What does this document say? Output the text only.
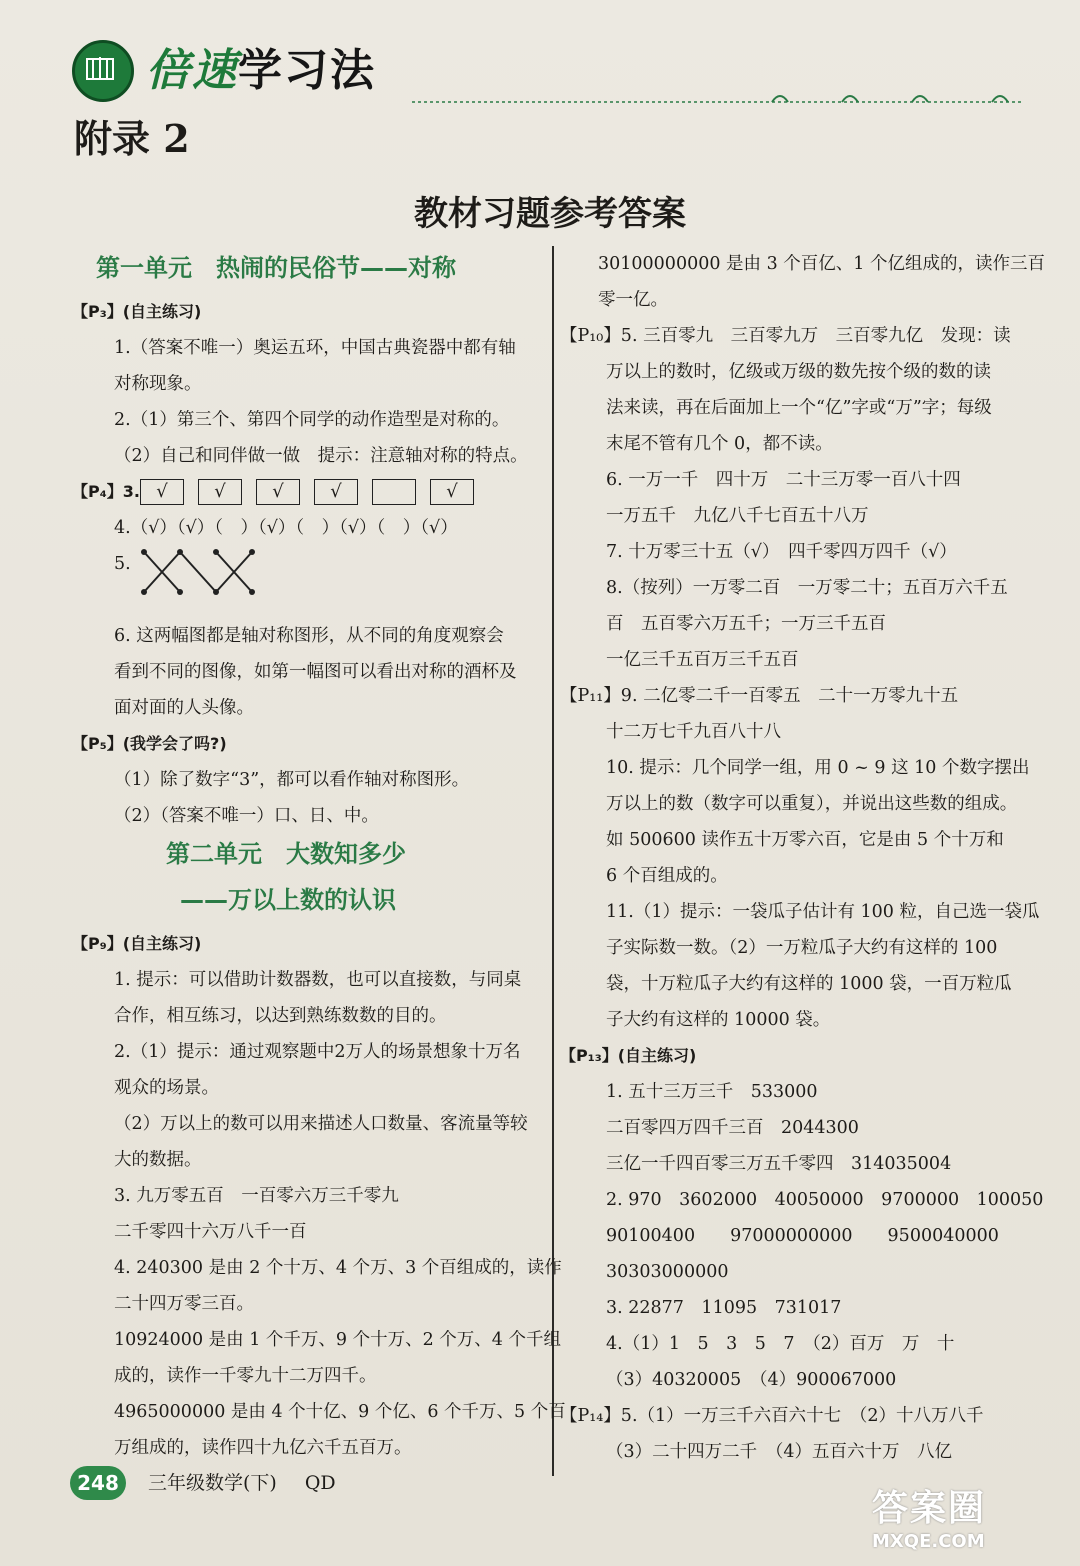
倍速学习法
附录 2
教材习题参考答案
第一单元　热闹的民俗节——对称
【P₃】(自主练习)
1.（答案不唯一）奥运五环，中国古典瓷器中都有轴
对称现象。
2.（1）第三个、第四个同学的动作造型是对称的。
（2）自己和同伴做一做　提示：注意轴对称的特点。
【P₄】3. √	√	√	√	√
4.（√）（√）（　）（√）（　）（√）（　）（√）
5.
6. 这两幅图都是轴对称图形，从不同的角度观察会
看到不同的图像，如第一幅图可以看出对称的酒杯及
面对面的人头像。
【P₅】(我学会了吗?)
（1）除了数字“3”，都可以看作轴对称图形。
（2）（答案不唯一）口、日、中。
第二单元　大数知多少
——万以上数的认识
【P₉】(自主练习)
1. 提示：可以借助计数器数，也可以直接数，与同桌
合作，相互练习，以达到熟练数数的目的。
2.（1）提示：通过观察题中2万人的场景想象十万名
观众的场景。
（2）万以上的数可以用来描述人口数量、客流量等较
大的数据。
3. 九万零五百　一百零六万三千零九
二千零四十六万八千一百
4. 240300 是由 2 个十万、4 个万、3 个百组成的，读作
二十四万零三百。
10924000 是由 1 个千万、9 个十万、2 个万、4 个千组
成的，读作一千零九十二万四千。
4965000000 是由 4 个十亿、9 个亿、6 个千万、5 个百
万组成的，读作四十九亿六千五百万。
30100000000 是由 3 个百亿、1 个亿组成的，读作三百
零一亿。
【P₁₀】5. 三百零九　三百零九万　三百零九亿　发现：读
万以上的数时，亿级或万级的数先按个级的数的读
法来读，再在后面加上一个“亿”字或“万”字；每级
末尾不管有几个 0，都不读。
6. 一万一千　四十万　二十三万零一百八十四
一万五千　九亿八千七百五十八万
7. 十万零三十五（√）　四千零四万四千（√）
8.（按列）一万零二百　一万零二十；五百万六千五
百　五百零六万五千；一万三千五百
一亿三千五百万三千五百
【P₁₁】9. 二亿零二千一百零五　二十一万零九十五
十二万七千九百八十八
10. 提示：几个同学一组，用 0 ~ 9 这 10 个数字摆出
万以上的数（数字可以重复），并说出这些数的组成。
如 500600 读作五十万零六百，它是由 5 个十万和
6 个百组成的。
11.（1）提示：一袋瓜子估计有 100 粒，自己选一袋瓜
子实际数一数。（2）一万粒瓜子大约有这样的 100
袋，十万粒瓜子大约有这样的 1000 袋，一百万粒瓜
子大约有这样的 10000 袋。
【P₁₃】(自主练习)
1. 五十三万三千　533000
二百零四万四千三百　2044300
三亿一千四百零三万五千零四　314035004
2. 970　3602000　40050000　9700000　100050
90100400　　97000000000　　9500040000
30303000000
3. 22877　11095　731017
4.（1）1　5　3　5　7　（2）百万　万　十
（3）40320005　（4）900067000
【P₁₄】5.（1）一万三千六百六十七　（2）十八万八千
（3）二十四万二千　（4）五百六十万　八亿
248	三年级数学(下) QD
答案圈
MXQE.COM
